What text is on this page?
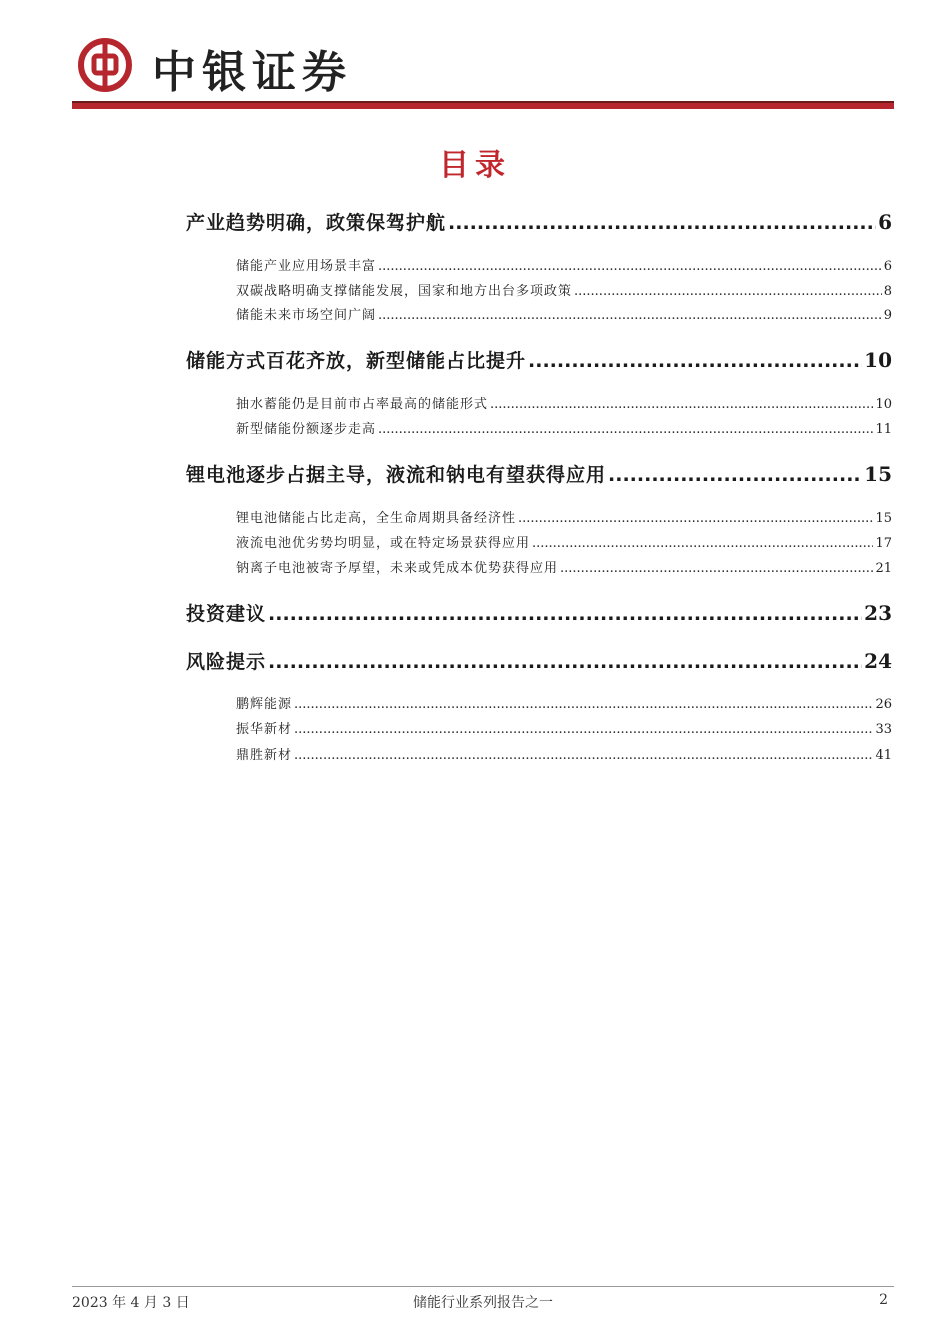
中银证券
目录
产业趋势明确，政策保驾护航 .....	6
储能产业应用场景丰富 .....	6
双碳战略明确支撑储能发展，国家和地方出台多项政策 .....	8
储能未来市场空间广阔 .....	9
储能方式百花齐放，新型储能占比提升 .....	10
抽水蓄能仍是目前市占率最高的储能形式 .....	10
新型储能份额逐步走高 .....	11
锂电池逐步占据主导，液流和钠电有望获得应用 .....	15
锂电池储能占比走高，全生命周期具备经济性 .....	15
液流电池优劣势均明显，或在特定场景获得应用 .....	17
钠离子电池被寄予厚望，未来或凭成本优势获得应用 .....	21
投资建议 .....	23
风险提示 .....	24
鹏辉能源 .....	26
振华新材 .....	33
鼎胜新材 .....	41
2023 年 4 月 3 日	储能行业系列报告之一	2
